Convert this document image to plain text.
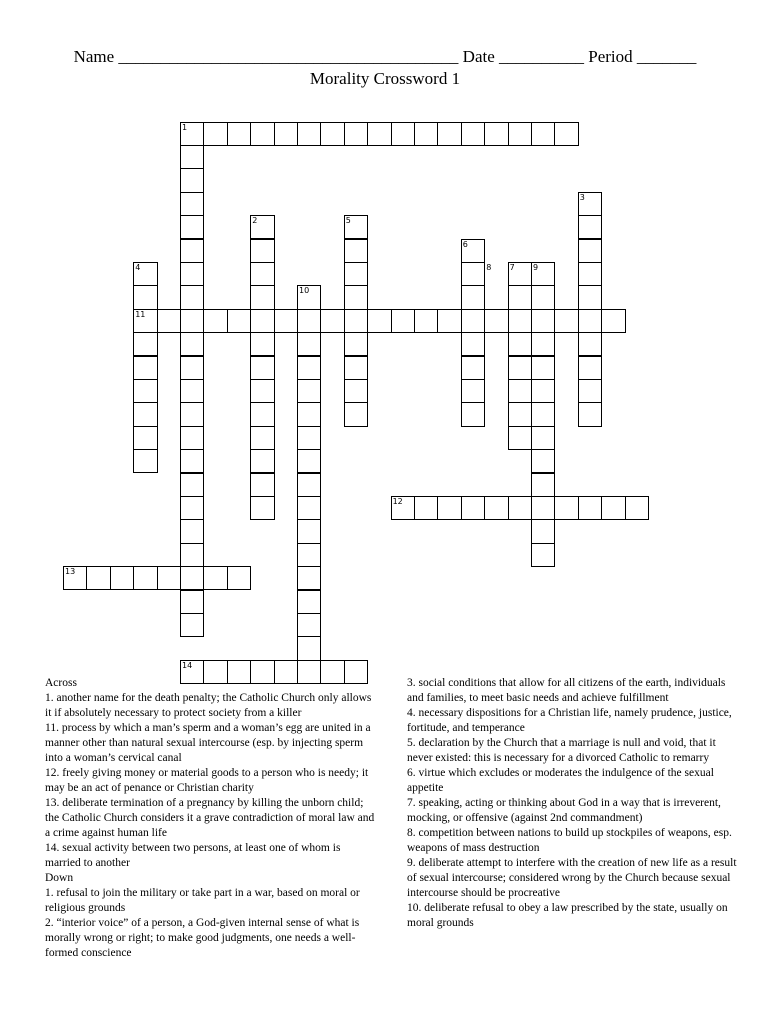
Name ________________________________________ Date __________ Period _______
Morality Crossword 1
1
2
3
4
5
6
7
8	9
10
11
12
13
14
Across
1. another name for the death penalty; the Catholic Church only allows it if absolutely necessary to protect society from a killer
11. process by which a man’s sperm and a woman’s egg are united in a manner other than natural sexual intercourse (esp. by injecting sperm into a woman’s cervical canal
12. freely giving money or material goods to a person who is needy; it may be an act of penance or Christian charity
13. deliberate termination of a pregnancy by killing the unborn child; the Catholic Church considers it a grave contradiction of moral law and a crime against human life
14. sexual activity between two persons, at least one of whom is married to another
Down
1. refusal to join the military or take part in a war, based on moral or religious grounds
2. “interior voice” of a person, a God-given internal sense of what is morally wrong or right; to make good judgments, one needs a well-formed conscience
3. social conditions that allow for all citizens of the earth, individuals and families, to meet basic needs and achieve fulfillment
4. necessary dispositions for a Christian life, namely prudence, justice, fortitude, and temperance
5. declaration by the Church that a marriage is null and void, that it never existed: this is necessary for a divorced Catholic to remarry
6. virtue which excludes or moderates the indulgence of the sexual appetite
7. speaking, acting or thinking about God in a way that is irreverent, mocking, or offensive (against 2nd commandment)
8. competition between nations to build up stockpiles of weapons, esp. weapons of mass destruction
9. deliberate attempt to interfere with the creation of new life as a result of sexual intercourse; considered wrong by the Church because sexual intercourse should be procreative
10. deliberate refusal to obey a law prescribed by the state, usually on moral grounds
